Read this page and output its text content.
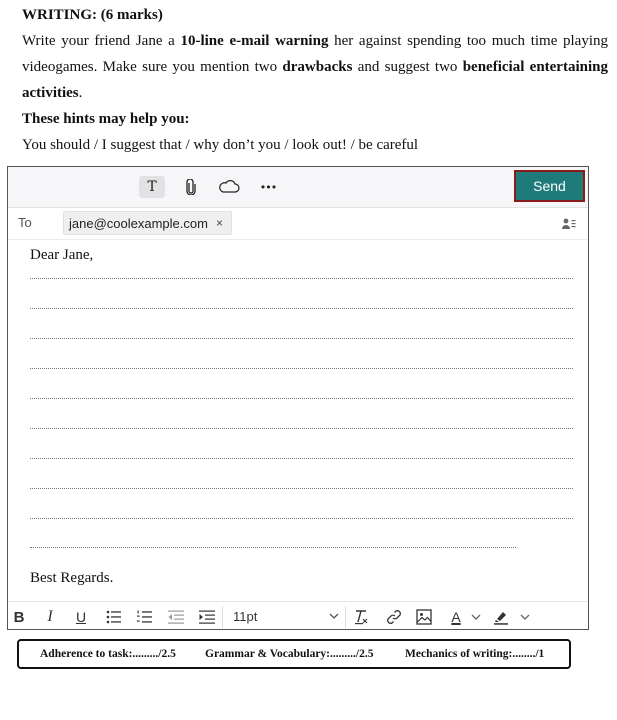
WRITING: (6 marks)
Write your friend Jane a 10-line e-mail warning her against spending too much time playing videogames. Make sure you mention two drawbacks and suggest two beneficial entertaining activities.
These hints may help you:
You should / I suggest that / why don’t you / look out! / be careful
T	•••	Send
To	jane@coolexample.com ×
Dear Jane,
Best Regards.
B I U	11pt	A
Adherence to task:........./2.5	Grammar & Vocabulary:........./2.5	Mechanics of writing:......../1
